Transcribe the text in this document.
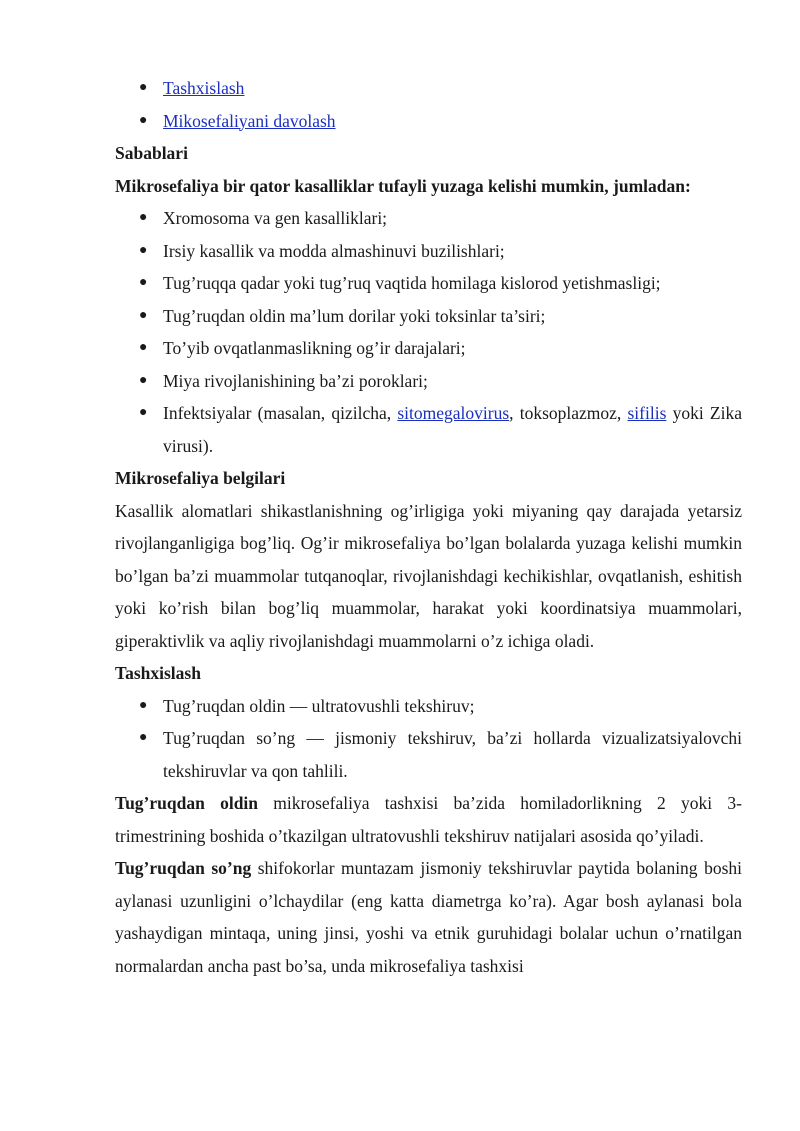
● Tashxislash
● Mikosefaliyani davolash

Sabablari

Mikrosefaliya bir qator kasalliklar tufayli yuzaga kelishi mumkin, jumladan:

● Xromosoma va gen kasalliklari;
● Irsiy kasallik va modda almashinuvi buzilishlari;
● Tug’ruqqa qadar yoki tug’ruq vaqtida homilaga kislorod yetishmasligi;
● Tug’ruqdan oldin ma’lum dorilar yoki toksinlar ta’siri;
● To’yib ovqatlanmaslikning og’ir darajalari;
● Miya rivojlanishining ba’zi poroklari;
● Infektsiyalar (masalan, qizilcha, sitomegalovirus, toksoplazmoz, sifilis yoki Zika virusi).

Mikrosefaliya belgilari

Kasallik alomatlari shikastlanishning og’irligiga yoki miyaning qay darajada yetarsiz rivojlanganligiga bog’liq. Og’ir mikrosefaliya bo’lgan bolalarda yuzaga kelishi mumkin bo’lgan ba’zi muammolar tutqanoqlar, rivojlanishdagi kechikishlar, ovqatlanish, eshitish yoki ko’rish bilan bog’liq muammolar, harakat yoki koordinatsiya muammolari, giperaktivlik va aqliy rivojlanishdagi muammolarni o’z ichiga oladi.

Tashxislash

● Tug’ruqdan oldin — ultratovushli tekshiruv;
● Tug’ruqdan so’ng — jismoniy tekshiruv, ba’zi hollarda vizualizatsiyalovchi tekshiruvlar va qon tahlili.

Tug’ruqdan oldin mikrosefaliya tashxisi ba’zida homiladorlikning 2 yoki 3-trimestrining boshida o’tkazilgan ultratovushli tekshiruv natijalari asosida qo’yiladi.

Tug’ruqdan so’ng shifokorlar muntazam jismoniy tekshiruvlar paytida bolaning boshi aylanasi uzunligini o’lchaydilar (eng katta diametrga ko’ra). Agar bosh aylanasi bola yashaydigan mintaqa, uning jinsi, yoshi va etnik guruhidagi bolalar uchun o’rnatilgan normalardan ancha past bo’sa, unda mikrosefaliya tashxisi
